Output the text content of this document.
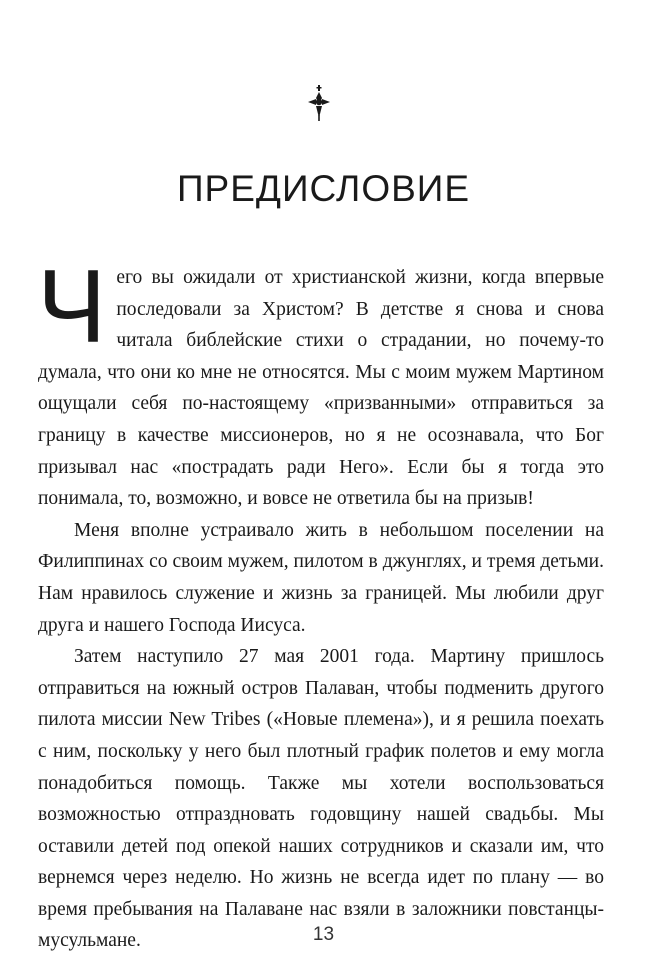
ПРЕДИСЛОВИЕ

Чего вы ожидали от христианской жизни, когда впервые последовали за Христом? В детстве я снова и снова читала библейские стихи о страдании, но почему-то думала, что они ко мне не относятся. Мы с моим мужем Мартином ощущали себя по-настоящему «призванными» отправиться за границу в качестве миссионеров, но я не осознавала, что Бог призывал нас «пострадать ради Него». Если бы я тогда это понимала, то, возможно, и вовсе не ответила бы на призыв!

Меня вполне устраивало жить в небольшом поселении на Филиппинах со своим мужем, пилотом в джунглях, и тремя детьми. Нам нравилось служение и жизнь за границей. Мы любили друг друга и нашего Господа Иисуса.

Затем наступило 27 мая 2001 года. Мартину пришлось отправиться на южный остров Палаван, чтобы подменить другого пилота миссии New Tribes («Новые племена»), и я решила поехать с ним, поскольку у него был плотный график полетов и ему могла понадобиться помощь. Также мы хотели воспользоваться возможностью отпраздновать годовщину нашей свадьбы. Мы оставили детей под опекой наших сотрудников и сказали им, что вернемся через неделю. Но жизнь не всегда идет по плану — во время пребывания на Палаване нас взяли в заложники повстанцы-мусульмане.	13
